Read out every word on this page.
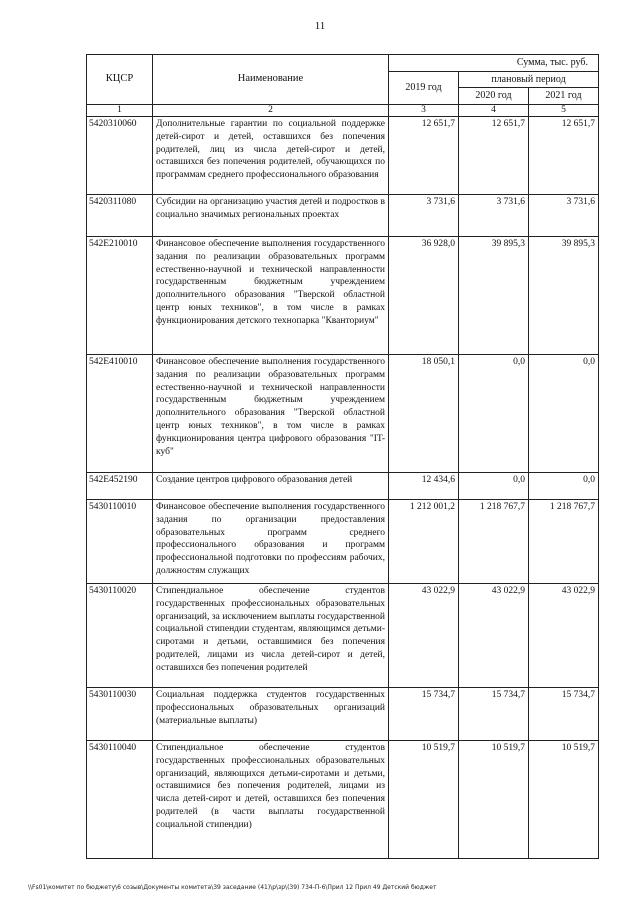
11
КЦСР	Наименование	Сумма, тыс. руб.		
		2019 год	плановый период	
			2020 год	2021 год
1	2	3	4	5
5420310060	Дополнительные гарантии по социальной поддержке детей-сирот и детей, оставшихся без попечения родителей, лиц из числа детей-сирот и детей, оставшихся без попечения родителей, обучающихся по программам среднего профессионального образования	12 651,7	12 651,7	12 651,7
5420311080	Субсидии на организацию участия детей и подростков в социально значимых региональных проектах	3 731,6	3 731,6	3 731,6
542E210010	Финансовое обеспечение выполнения государственного задания по реализации образовательных программ естественно-научной и технической направленности государственным бюджетным учреждением дополнительного образования "Тверской областной центр юных техников", в том числе в рамках функционирования детского технопарка "Кванториум"	36 928,0	39 895,3	39 895,3
542E410010	Финансовое обеспечение выполнения государственного задания по реализации образовательных программ естественно-научной и технической направленности государственным бюджетным учреждением дополнительного образования "Тверской областной центр юных техников", в том числе в рамках функционирования центра цифрового образования "IT-куб"	18 050,1	0,0	0,0
542E452190	Создание центров цифрового образования детей	12 434,6	0,0	0,0
5430110010	Финансовое обеспечение выполнения государственного задания по организации предоставления образовательных программ среднего профессионального образования и программ профессиональной подготовки по профессиям рабочих, должностям служащих	1 212 001,2	1 218 767,7	1 218 767,7
5430110020	Стипендиальное обеспечение студентов государственных профессиональных образовательных организаций, за исключением выплаты государственной социальной стипендии студентам, являющимся детьми-сиротами и детьми, оставшимися без попечения родителей, лицами из числа детей-сирот и детей, оставшихся без попечения родителей	43 022,9	43 022,9	43 022,9
5430110030	Социальная поддержка студентов государственных профессиональных образовательных организаций (материальные выплаты)	15 734,7	15 734,7	15 734,7
5430110040	Стипендиальное обеспечение студентов государственных профессиональных образовательных организаций, являющихся детьми-сиротами и детьми, оставшимися без попечения родителей, лицами из числа детей-сирот и детей, оставшихся без попечения родителей (в части выплаты государственной социальной стипендии)	10 519,7	10 519,7	10 519,7
\\Fs01\комитет по бюджету\6 созыв\Документы комитета\39 заседание (41)\р\зр\(39) 734-П-6\Прил 12 Прил 49 Детский бюджет
